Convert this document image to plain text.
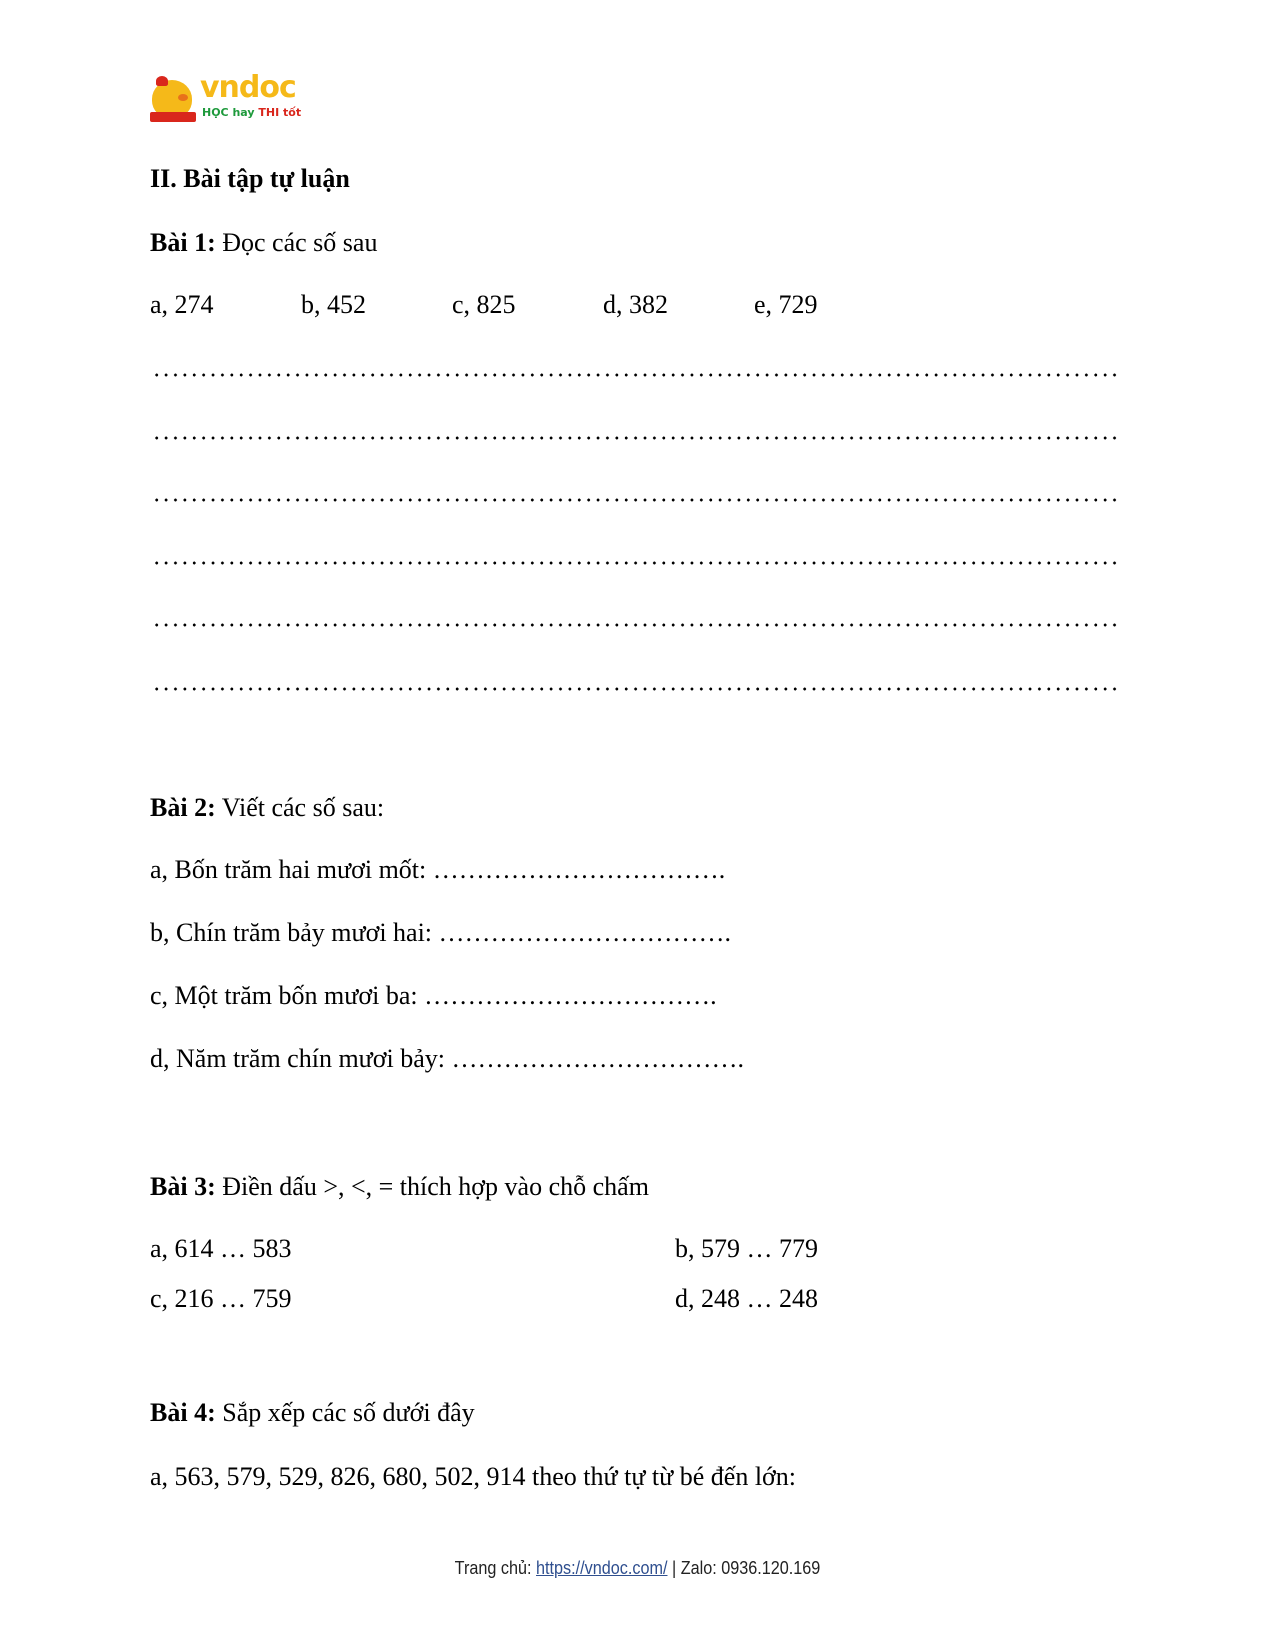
vndoc
HỌC hay THI tốt
II. Bài tập tự luận
Bài 1: Đọc các số sau
a, 274	b, 452	c, 825	d, 382	e, 729
Bài 2: Viết các số sau:
a, Bốn trăm hai mươi mốt: …………………………….
b, Chín trăm bảy mươi hai: …………………………….
c, Một trăm bốn mươi ba: …………………………….
d, Năm trăm chín mươi bảy: …………………………….
Bài 3: Điền dấu >, <, = thích hợp vào chỗ chấm
a, 614 … 583	b, 579 … 779
c, 216 … 759	d, 248 … 248
Bài 4: Sắp xếp các số dưới đây
a, 563, 579, 529, 826, 680, 502, 914 theo thứ tự từ bé đến lớn:
Trang chủ: https://vndoc.com/ | Zalo: 0936.120.169
